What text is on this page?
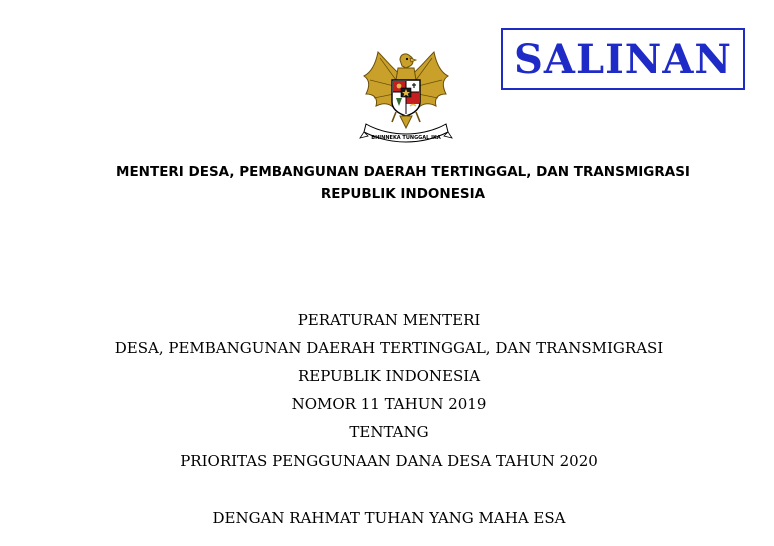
SALINAN
BHINNEKA TUNGGAL IKA
MENTERI DESA, PEMBANGUNAN DAERAH TERTINGGAL, DAN TRANSMIGRASI
REPUBLIK INDONESIA
PERATURAN MENTERI
DESA, PEMBANGUNAN DAERAH TERTINGGAL, DAN TRANSMIGRASI
REPUBLIK INDONESIA
NOMOR 11 TAHUN 2019
TENTANG
PRIORITAS PENGGUNAAN DANA DESA TAHUN 2020
DENGAN RAHMAT TUHAN YANG MAHA ESA
